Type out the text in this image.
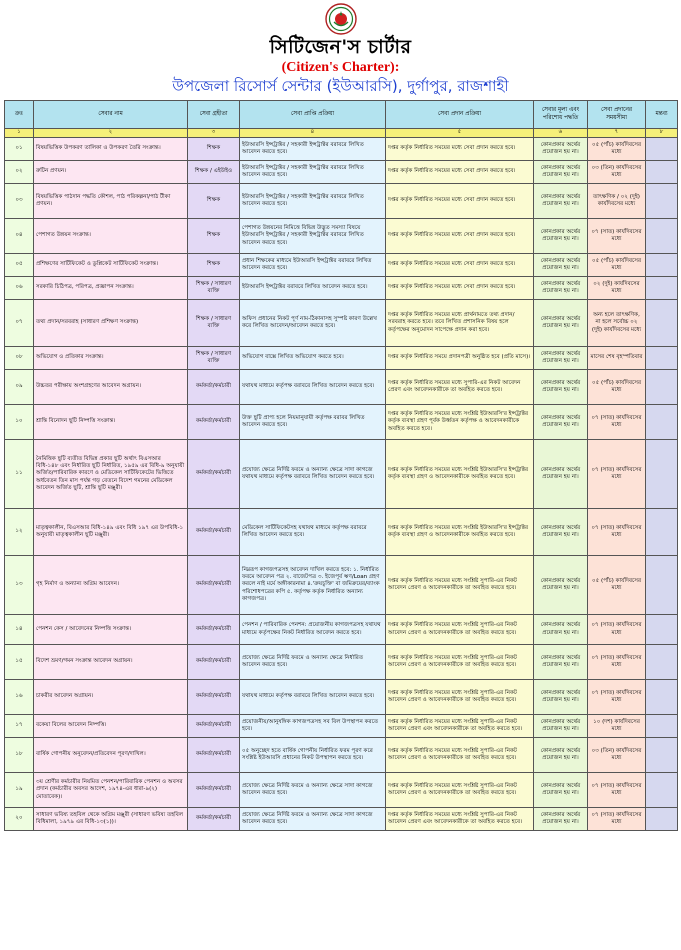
সিটিজেন'স চার্টার
(Citizen's Charter):
উপজেলা রিসোর্স সেন্টার (ইউআরসি), দুর্গাপুর, রাজশাহী
ক্রঃ	সেবার নাম	সেবা গ্রহীতা	সেবা প্রাপ্তি প্রক্রিয়া	সেবা প্রদান প্রক্রিয়া	সেবার মূল্য এবং পরিশোধ পদ্ধতি	সেবা প্রদানের সময়সীমা	মন্তব্য
১	২	৩	৪	৫	৬	৭	৮
০১	বিষয়ভিত্তিক উপকরণ তালিকা ও উপকরণ তৈরি সংক্রান্ত।	শিক্ষক	ইউআরসি ইন্সট্রাক্টর / সহকারী ইন্সট্রাক্টর বরাবরে লিখিত আবেদন করতে হবে।	দপ্তর কর্তৃক নির্ধারিত সময়ের মধ্যে সেবা প্রদান করতে হবে।	কোনপ্রকার অর্থের প্রয়োজন হয় না।	০৫ (পাঁচ) কার্যদিবসের মধ্যে	
০২	রুটিন প্রণয়ন।	শিক্ষক / এইউইও	ইউআরসি ইন্সট্রাক্টর / সহকারী ইন্সট্রাক্টর বরাবরে লিখিত আবেদন করতে হবে।	দপ্তর কর্তৃক নির্ধারিত সময়ের মধ্যে সেবা প্রদান করতে হবে।	কোনপ্রকার অর্থের প্রয়োজন হয় না।	০৩ (তিন) কার্যদিবসের মধ্যে	
০৩	বিষয়ভিত্তিক পাঠদান পদ্ধতি কৌশল, পাঠ পরিকল্পনা/পাঠ টীকা প্রণয়ন।	শিক্ষক	ইউআরসি ইন্সট্রাক্টর / সহকারী ইন্সট্রাক্টর বরাবরে লিখিত আবেদন করতে হবে।	দপ্তর কর্তৃক নির্ধারিত সময়ের মধ্যে সেবা প্রদান করতে হবে।	কোনপ্রকার অর্থের প্রয়োজন হয় না।	তাৎক্ষণিক / ০২ (দুই) কার্যদিবসের মধ্যে	
০৪	পেশাগত উন্নয়ন সংক্রান্ত।	শিক্ষক	পেশাগত উন্নয়নের নিমিত্তে বিভিন্ন উদ্ভূত সমস্যা বিষয়ে ইউআরসি ইন্সট্রাক্টর / সহকারী ইন্সট্রাক্টর বরাবরে লিখিত আবেদন করতে হবে।	দপ্তর কর্তৃক নির্ধারিত সময়ের মধ্যে সেবা প্রদান করতে হবে।	কোনপ্রকার অর্থের প্রয়োজন হয় না।	০৭ (সাত) কার্যদিবসের মধ্যে	
০৫	প্রশিক্ষণের সার্টিফিকেট ও ডুপ্লিকেট সার্টিফিকেট সংক্রান্ত।	শিক্ষক	প্রধান শিক্ষকের মাধ্যমে ইউআরসি ইন্সট্রাক্টর বরাবরে লিখিত আবেদন করতে হবে।	দপ্তর কর্তৃক নির্ধারিত সময়ের মধ্যে সেবা প্রদান করতে হবে।	কোনপ্রকার অর্থের প্রয়োজন হয় না।	০৫ (পাঁচ) কার্যদিবসের মধ্যে	
০৬	সরকারি চিঠিপত্র, পরিপত্র, প্রজ্ঞাপন সংক্রান্ত।	শিক্ষক / সাধারণ ব্যক্তি	ইউআরসি ইন্সট্রাক্টর বরাবরে লিখিত আবেদন করতে হবে।	দপ্তর কর্তৃক নির্ধারিত সময়ের মধ্যে সেবা প্রদান করতে হবে।	কোনপ্রকার অর্থের প্রয়োজন হয় না।	০২ (দুই) কার্যদিবসের মধ্যে	
০৭	তথ্য প্রদান/সরবরাহ (সাধারণ প্রশিক্ষণ সংক্রান্ত)	শিক্ষক / সাধারণ ব্যক্তি	অফিস প্রধানের নিকট পূর্ণ নাম-ঠিকানাসহ সুস্পষ্ট কারণ উল্লেখ করে লিখিত আবেদন/আবেদন করতে হবে।	দপ্তর কর্তৃক নির্ধারিত সময়ের মধ্যে প্রার্থনামতে তথ্য প্রদান/সরবরাহ করতে হবে। তবে লিখিত প্রশাসনিক বিষয় হলে কর্তৃপক্ষের অনুমোদন সাপেক্ষে প্রদান করা হবে।	কোনপ্রকার অর্থের প্রয়োজন হয় না।	অন্য হলে তাৎক্ষণিক, না হলে সর্বোচ্চ ০২ (দুই) কার্যদিবসের মধ্যে	
০৮	অভিযোগ ও প্রতিকার সংক্রান্ত।	শিক্ষক / সাধারণ ব্যক্তি	অভিযোগ বাক্সে লিখিত অভিযোগ করতে হবে।	দপ্তর কর্তৃক নির্ধারিত সময়ে প্রদানপত্রী অনুষ্ঠিত হবে (প্রতি মাসে)।	কোনপ্রকার অর্থের প্রয়োজন হয় না।	মাসের শেষ বৃহস্পতিবার	
০৯	উচ্চতর পরীক্ষায় অংশগ্রহণের আবেদন অগ্রায়ন।	কর্মকর্তা/কর্মচারী	যথাযথ মাধ্যমে কর্তৃপক্ষ বরাবরে লিখিত আবেদন করতে হবে।	দপ্তর কর্তৃক নির্ধারিত সময়ের মধ্যে সুপারি-এর নিকট আবেদন প্রেরণ এবং আবেদনকারীকে তা অবহিত করতে হবে।	কোনপ্রকার অর্থের প্রয়োজন হয় না।	০৫ (পাঁচ) কার্যদিবসের মধ্যে	
১০	শ্রান্তি বিনোদন ছুটি নিষ্পত্তি সংক্রান্ত।	কর্মকর্তা/কর্মচারী	উক্ত ছুটি প্রাপ্য হলে নিয়মানুযায়ী কর্তৃপক্ষ বরাবর লিখিত আবেদন করতে হবে।	দপ্তর কর্তৃক নির্ধারিত সময়ের মধ্যে সংশ্লিষ্ট ইউআরসি'র ইন্সট্রাক্টর কর্তৃক ব্যবস্থা গ্রহণ পূর্বক উর্ধ্বতন কর্তৃপক্ষ ও আবেদনকারীকে অবহিত করতে হবে।	কোনপ্রকার অর্থের প্রয়োজন হয় না।	০৭ (সাত) কার্যদিবসের মধ্যে	
১১	নৈমিত্তিক ছুটি ব্যতীত বিভিন্ন প্রকার ছুটি অর্থাৎ বিএসআর বিধি-১৪৮ এবং নির্ধারিত ছুটি নির্ধারিত, ১৯৫৯ এর বিধি-৯ অনুযায়ী অর্জিত/পারিবারিক কারণে ও মেডিকেল সার্টিফিকেটের ভিত্তিতে অর্ধবেতন তিন মাস পর্যন্ত গড় বেতনে বিদেশ গমনের মেডিকেল আবেদন অর্জিত ছুটি, শ্রান্তি ছুটি মঞ্জুরী।	কর্মকর্তা/কর্মচারী	প্রযোজ্য ক্ষেত্রে নির্দিষ্ট ফরমে ও অন্যান্য ক্ষেত্রে সাদা কাগজে যথাযথ মাধ্যমে কর্তৃপক্ষ বরাবরে লিখিত আবেদন করতে হবে।	দপ্তর কর্তৃক নির্ধারিত সময়ের মধ্যে সংশ্লিষ্ট ইউআরসি'র ইন্সট্রাক্টর কর্তৃক ব্যবস্থা গ্রহণ ও আবেদনকারীকে অবহিত করতে হবে।	কোনপ্রকার অর্থের প্রয়োজন হয় না।	০৭ (সাত) কার্যদিবসের মধ্যে	
১২	মাতৃত্বকালীন, বিএসআর বিধি-১৪৯ এবং বিধি ১৯৭ এর উপবিধি-১ অনুযায়ী মাতৃত্বকালীন ছুটি মঞ্জুরী।	কর্মকর্তা/কর্মচারী	মেডিকেল সার্টিফিকেটসহ যথাযথ মাধ্যমে কর্তৃপক্ষ বরাবরে লিখিত আবেদন করতে হবে।	দপ্তর কর্তৃক নির্ধারিত সময়ের মধ্যে সংশ্লিষ্ট ইউআরসি'র ইন্সট্রাক্টর কর্তৃক ব্যবস্থা গ্রহণ ও আবেদনকারীকে অবহিত করতে হবে।	কোনপ্রকার অর্থের প্রয়োজন হয় না।	০৭ (সাত) কার্যদিবসের মধ্যে	
১৩	গৃহ নির্মাণ ও অন্যান্য অগ্রিম আবেদন।	কর্মকর্তা/কর্মচারী	নিম্নরূপ কাগজপত্রসহ আবেদন দাখিল করতে হবে: ১. নির্ধারিত ফরমে আবেদন পত্র ২. বাজেটপত্র ৩. ইজেপূর্ব ঋণ/Loan গ্রহণ করলে নাই মর্মে অঙ্গীকারনামা ৪.'ক্রয়চুক্তি' বা জমিক্রয়ের/ব্যাংক পরিশোধপত্রের কপি ৫. কর্তৃপক্ষ কর্তৃক নির্ধারিত অন্যান্য কাগজপত্র।	দপ্তর কর্তৃক নির্ধারিত সময়ের মধ্যে সংশ্লিষ্ট সুপারি-এর নিকট আবেদন প্রেরণ ও আবেদনকারীকে তা অবহিত করতে হবে।	কোনপ্রকার অর্থের প্রয়োজন হয় না।	০৫ (পাঁচ) কার্যদিবসের মধ্যে	
১৪	পেনশন কেস / আবেদনের নিষ্পত্তি সংক্রান্ত।	কর্মকর্তা/কর্মচারী	পেনশন / পারিবারিক পেনশন: প্রয়োজনীয় কাগজপত্রসহ যথাযথ মাধ্যমে কর্তৃপক্ষের নিকট নির্ধারিত আবেদন করতে হবে।	দপ্তর কর্তৃক নির্ধারিত সময়ের মধ্যে সংশ্লিষ্ট সুপারি-এর নিকট আবেদন প্রেরণ ও আবেদনকারীকে তা অবহিত করতে হবে।	কোনপ্রকার অর্থের প্রয়োজন হয় না।	০৭ (সাত) কার্যদিবসের মধ্যে	
১৫	বিদেশ ভ্রমণ/গমন সংক্রান্ত আবেদন অগ্রায়ন।	কর্মকর্তা/কর্মচারী	প্রযোজ্য ক্ষেত্রে নির্দিষ্ট ফরমে ও অন্যান্য ক্ষেত্রে নির্ধারিত আবেদন করতে হবে।	দপ্তর কর্তৃক নির্ধারিত সময়ের মধ্যে সংশ্লিষ্ট সুপারি-এর নিকট আবেদন প্রেরণ ও আবেদনকারীকে তা অবহিত করতে হবে।	কোনপ্রকার অর্থের প্রয়োজন হয় না।	০৭ (সাত) কার্যদিবসের মধ্যে	
১৬	চাকরীর আবেদন অগ্রায়ন।	কর্মকর্তা/কর্মচারী	যথাযথ মাধ্যমে কর্তৃপক্ষ বরাবরে লিখিত আবেদন করতে হবে।	দপ্তর কর্তৃক নির্ধারিত সময়ের মধ্যে সংশ্লিষ্ট সুপারি-এর নিকট আবেদন প্রেরণ ও আবেদনকারীকে তা অবহিত করতে হবে।	কোনপ্রকার অর্থের প্রয়োজন হয় না।	০৭ (সাত) কার্যদিবসের মধ্যে	
১৭	বকেয়া বিলের আবেদন নিষ্পত্তি।	কর্মকর্তা/কর্মচারী	প্রয়োজনীয়/আনুষঙ্গিক কাগজপত্রসহ সব বিল উপস্থাপন করতে হবে।	দপ্তর কর্তৃক নির্ধারিত সময়ের মধ্যে সংশ্লিষ্ট সুপারি-এর নিকট আবেদন প্রেরণ এবং আবেদনকারীকে তা অবহিত করতে হবে।	কোনপ্রকার অর্থের প্রয়োজন হয় না।	১০ (দশ) কার্যদিবসের মধ্যে	
১৮	বার্ষিক গোপনীয় অনুবেদন/প্রতিবেদন পূরণ/দাখিল।	কর্মকর্তা/কর্মচারী	০৫ অনুচ্ছেদ হতে বার্ষিক গোপনীয় নির্ধারিত ফরম পূরণ করে সংশ্লিষ্ট ইউআরসি প্রধানের নিকট উপস্থাপন করতে হবে।	দপ্তর কর্তৃক নির্ধারিত সময়ের মধ্যে সংশ্লিষ্ট সুপারি-এর নিকট আবেদন প্রেরণ ও আবেদনকারীকে তা অবহিত করতে হবে।	কোনপ্রকার অর্থের প্রয়োজন হয় না।	০৩ (তিন) কার্যদিবসের মধ্যে	
১৯	৩য় শ্রেণীর কর্মচারীর নিয়মিত পেনশন/পারিবারিক পেনশন ও অবসর প্রদান (কর্মচারীর অবসর আদেশ, ১৯৭৪-এর ধারা-৯(২) মোতাবেক)।	কর্মকর্তা/কর্মচারী	প্রযোজ্য ক্ষেত্রে নির্দিষ্ট ফরমে ও অন্যান্য ক্ষেত্রে সাদা কাগজে আবেদন করতে হবে।	দপ্তর কর্তৃক নির্ধারিত সময়ের মধ্যে সংশ্লিষ্ট সুপারি-এর নিকট আবেদন প্রেরণ ও আবেদনকারীকে তা অবহিত করতে হবে।	কোনপ্রকার অর্থের প্রয়োজন হয় না।	০৭ (সাত) কার্যদিবসের মধ্যে	
২০	সাধারণ ভবিষ্য তহবিল থেকে অগ্রিম মঞ্জুরী (সাধারণ ভবিষ্য তহবিল বিধিমালা, ১৯৭৯ এর বিধি-১৩(১))।	কর্মকর্তা/কর্মচারী	প্রযোজ্য ক্ষেত্রে নির্দিষ্ট ফরমে ও অন্যান্য ক্ষেত্রে সাদা কাগজে আবেদন করতে হবে।	দপ্তর কর্তৃক নির্ধারিত সময়ের মধ্যে সংশ্লিষ্ট সুপারি-এর নিকট আবেদন প্রেরণ এবং আবেদনকারীকে তা অবহিত করতে হবে।	কোনপ্রকার অর্থের প্রয়োজন হয় না।	০৭ (সাত) কার্যদিবসের মধ্যে	
